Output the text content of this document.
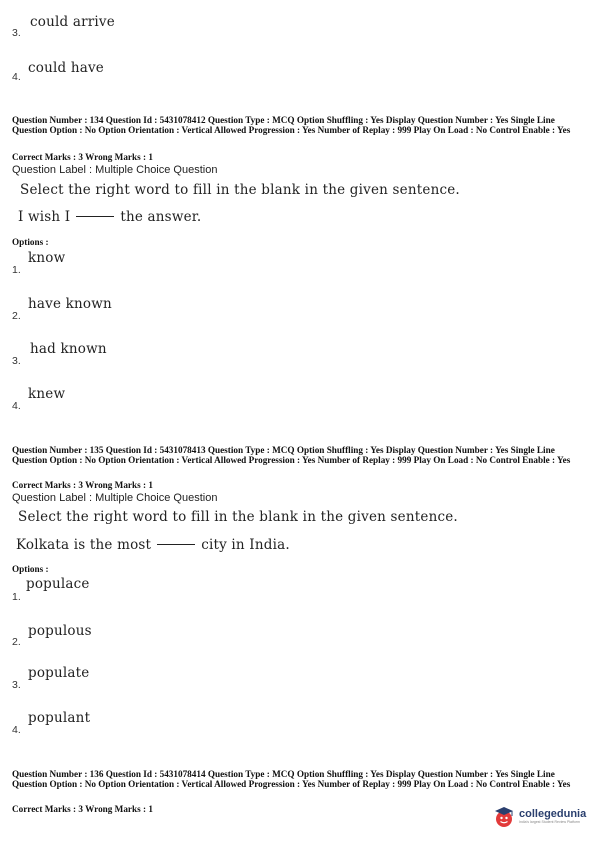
could arrive
3.
could have
4.
Question Number : 134 Question Id : 5431078412 Question Type : MCQ Option Shuffling : Yes Display Question Number : Yes Single Line Question Option : No Option Orientation : Vertical Allowed Progression : Yes Number of Replay : 999 Play On Load : No Control Enable : Yes
Correct Marks : 3 Wrong Marks : 1
Question Label : Multiple Choice Question
Select the right word to fill in the blank in the given sentence.
I wish I	the answer.
Options :
know
1.
have known
2.
had known
3.
knew
4.
Question Number : 135 Question Id : 5431078413 Question Type : MCQ Option Shuffling : Yes Display Question Number : Yes Single Line Question Option : No Option Orientation : Vertical Allowed Progression : Yes Number of Replay : 999 Play On Load : No Control Enable : Yes
Correct Marks : 3 Wrong Marks : 1
Question Label : Multiple Choice Question
Select the right word to fill in the blank in the given sentence.
Kolkata is the most	city in India.
Options :
populace
1.
populous
2.
populate
3.
populant
4.
Question Number : 136 Question Id : 5431078414 Question Type : MCQ Option Shuffling : Yes Display Question Number : Yes Single Line Question Option : No Option Orientation : Vertical Allowed Progression : Yes Number of Replay : 999 Play On Load : No Control Enable : Yes
Correct Marks : 3 Wrong Marks : 1	collegedunia
India's largest Student Review Platform
